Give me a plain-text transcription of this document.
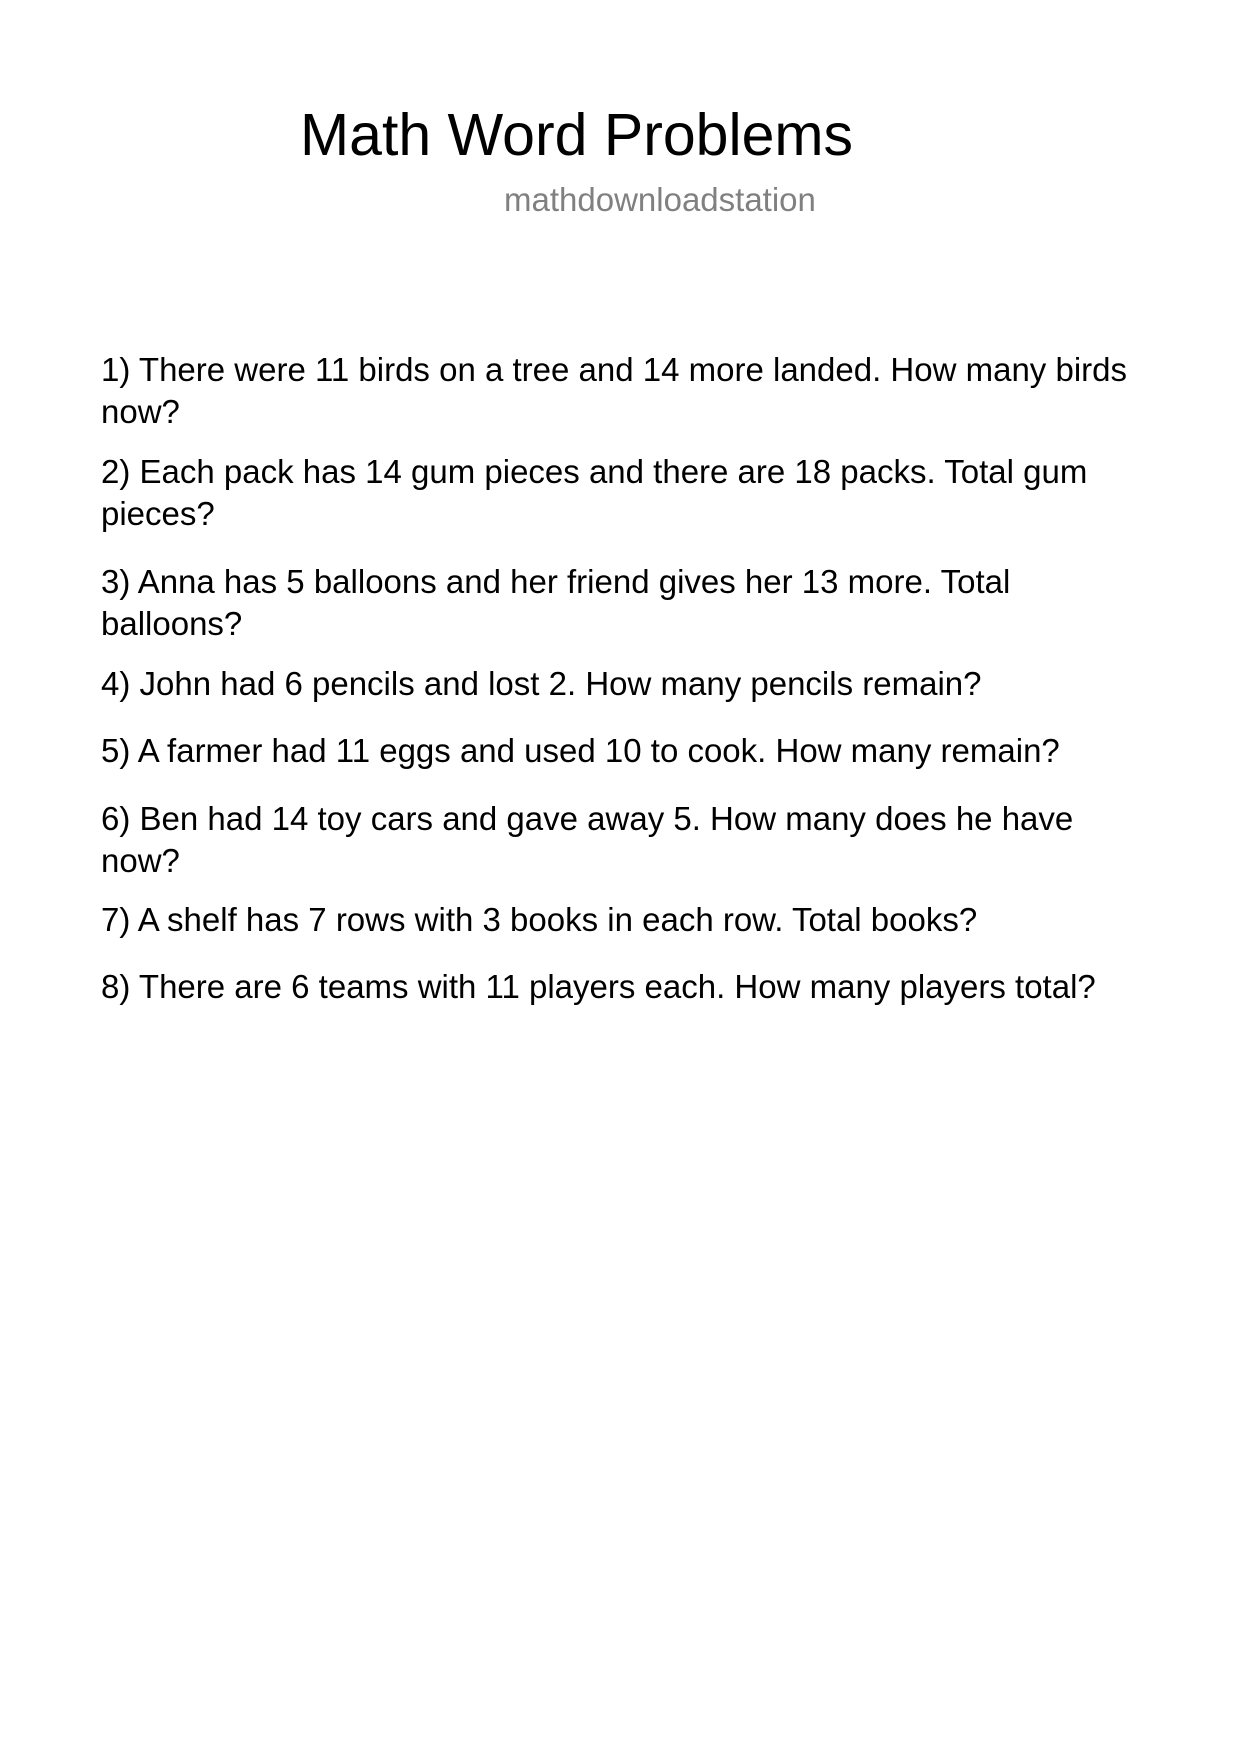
Math Word Problems
mathdownloadstation

1) There were 11 birds on a tree and 14 more landed. How many birds now?

2) Each pack has 14 gum pieces and there are 18 packs. Total gum pieces?

3) Anna has 5 balloons and her friend gives her 13 more. Total balloons?

4) John had 6 pencils and lost 2. How many pencils remain?

5) A farmer had 11 eggs and used 10 to cook. How many remain?

6) Ben had 14 toy cars and gave away 5. How many does he have now?

7) A shelf has 7 rows with 3 books in each row. Total books?

8) There are 6 teams with 11 players each. How many players total?
